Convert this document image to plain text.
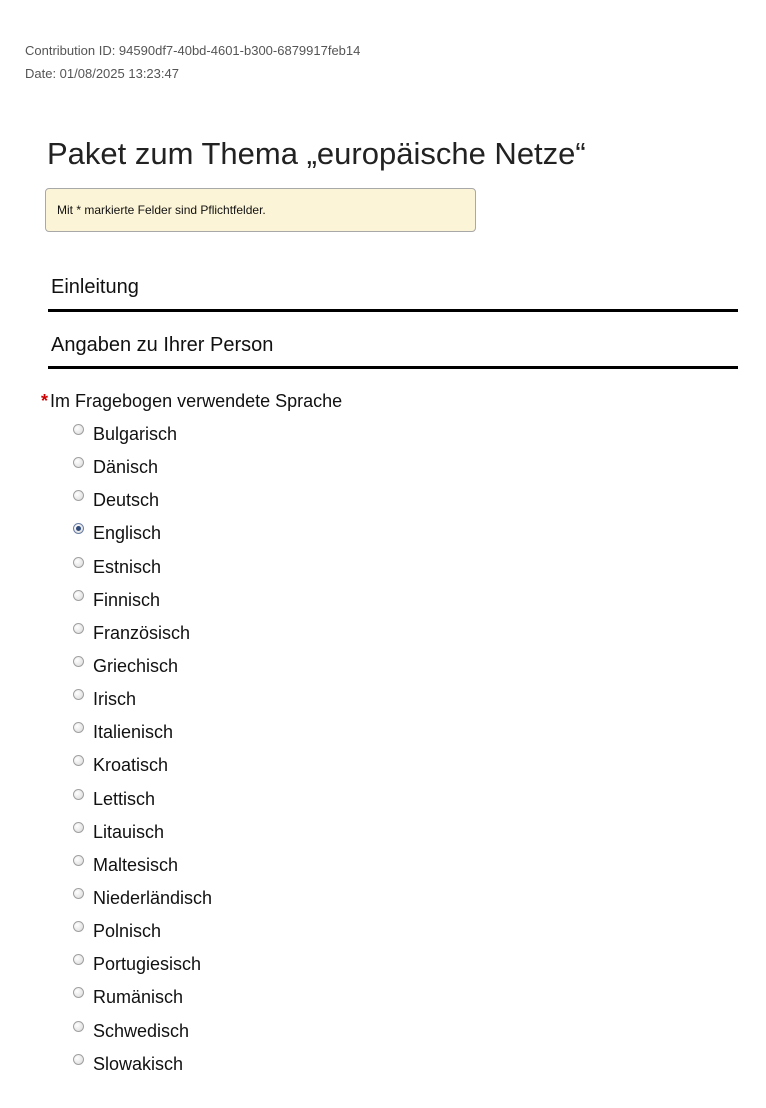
Contribution ID: 94590df7-40bd-4601-b300-6879917feb14
Date: 01/08/2025 13:23:47
Paket zum Thema „europäische Netze“
Mit * markierte Felder sind Pflichtfelder.
Einleitung
Angaben zu Ihrer Person
* Im Fragebogen verwendete Sprache
Bulgarisch
Dänisch
Deutsch
Englisch
Estnisch
Finnisch
Französisch
Griechisch
Irisch
Italienisch
Kroatisch
Lettisch
Litauisch
Maltesisch
Niederländisch
Polnisch
Portugiesisch
Rumänisch
Schwedisch
Slowakisch
